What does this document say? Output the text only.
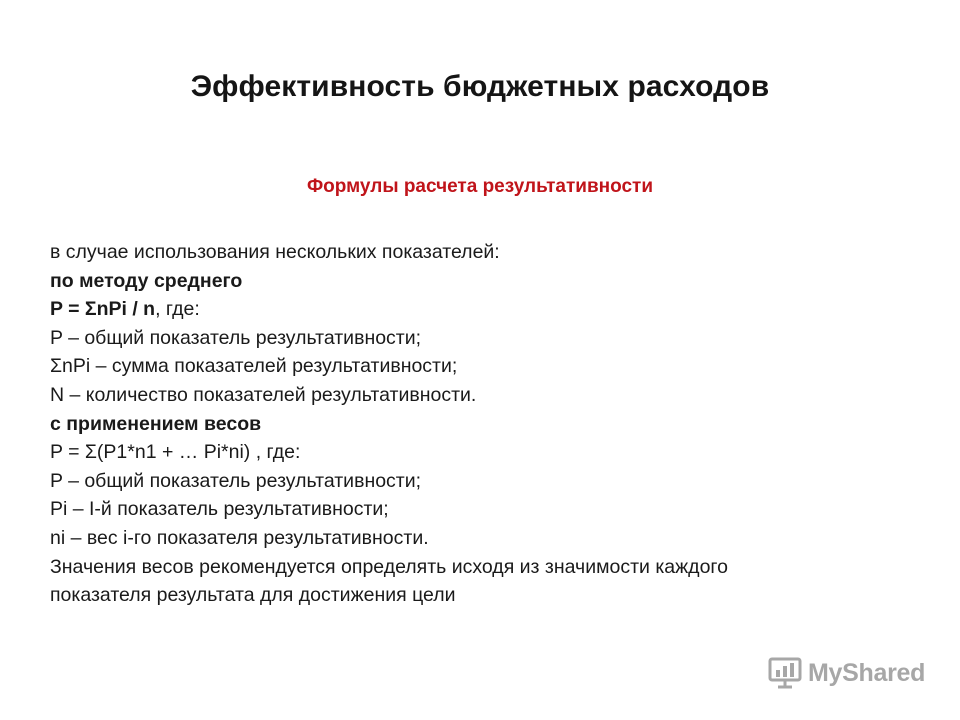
Эффективность бюджетных расходов
Формулы расчета результативности
в случае использования нескольких показателей:
по методу среднего
P = ΣnPi / n, где:
P – общий показатель результативности;
ΣnPi – сумма показателей результативности;
N – количество показателей результативности.
с применением весов
P = Σ(P1*n1 + … Pi*ni) , где:
P – общий показатель результативности;
Pi – I-й показатель результативности;
ni – вес i-го показателя результативности.
Значения весов рекомендуется определять исходя из значимости каждого
показателя результата для достижения цели
MyShared
